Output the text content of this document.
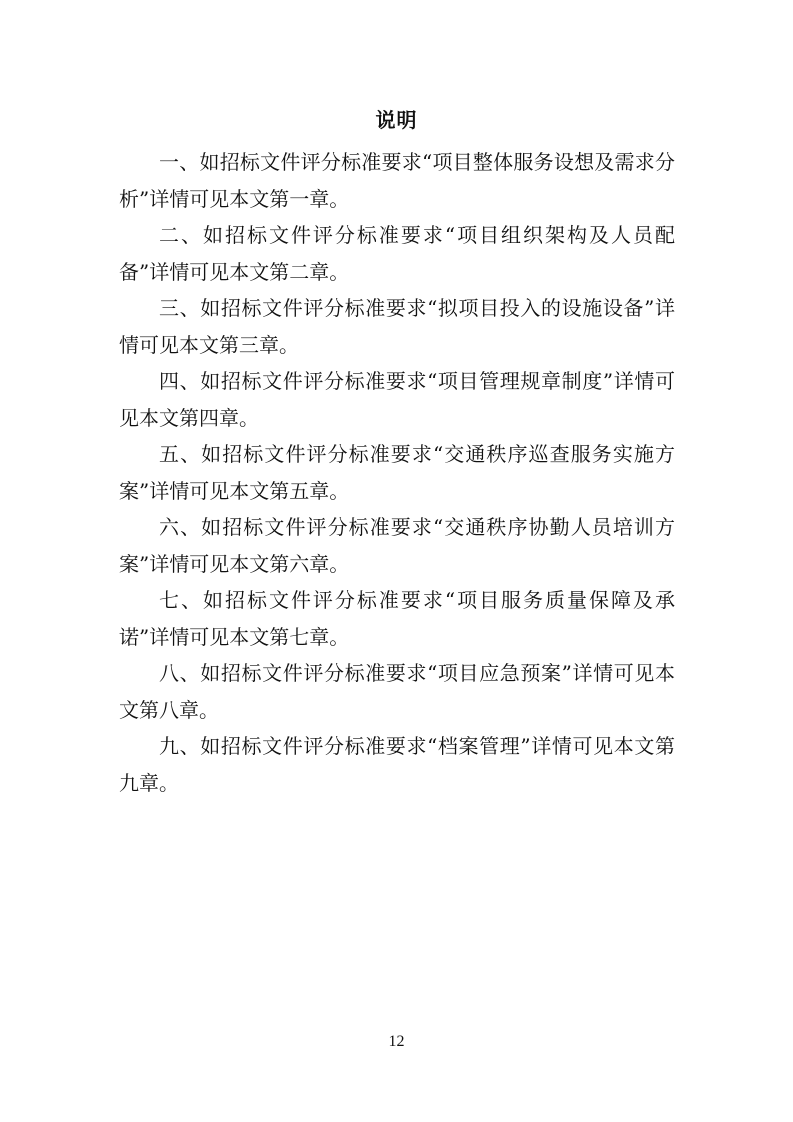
说明

一、如招标文件评分标准要求“项目整体服务设想及需求分析”详情可见本文第一章。

二、如招标文件评分标准要求“项目组织架构及人员配备”详情可见本文第二章。

三、如招标文件评分标准要求“拟项目投入的设施设备”详情可见本文第三章。

四、如招标文件评分标准要求“项目管理规章制度”详情可见本文第四章。

五、如招标文件评分标准要求“交通秩序巡查服务实施方案”详情可见本文第五章。

六、如招标文件评分标准要求“交通秩序协勤人员培训方案”详情可见本文第六章。

七、如招标文件评分标准要求“项目服务质量保障及承诺”详情可见本文第七章。

八、如招标文件评分标准要求“项目应急预案”详情可见本文第八章。

九、如招标文件评分标准要求“档案管理”详情可见本文第九章。

12
